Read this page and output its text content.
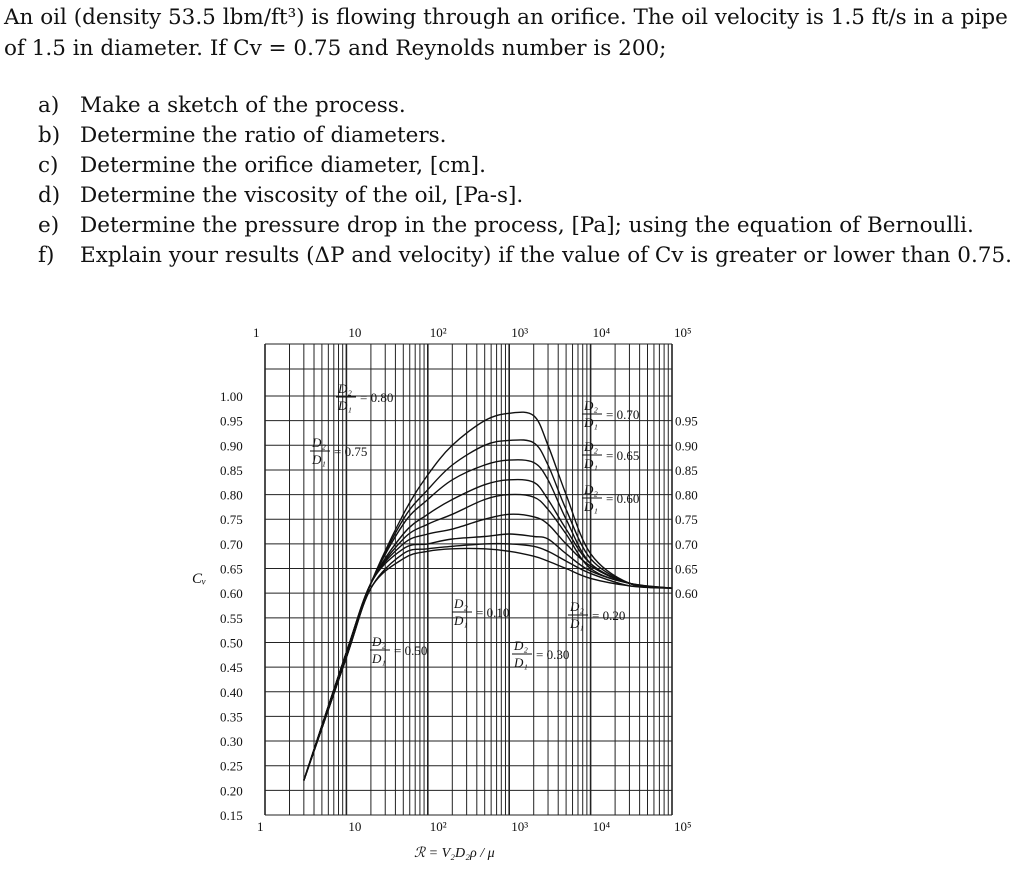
An oil (density 53.5 lbm/ft³) is flowing through an orifice. The oil velocity is 1.5 ft/s in a pipe

of 1.5 in diameter. If Cv = 0.75 and Reynolds number is 200;

a) Make a sketch of the process.
b) Determine the ratio of diameters.
c)	Determine the orifice diameter, [cm].
d) Determine the viscosity of the oil, [Pa-s].
e) Determine the pressure drop in the process, [Pa]; using the equation of Bernoulli.
f)	Explain your results (ΔP and velocity) if the value of Cv is greater or lower than 0.75.
1.00
0.95
0.90
0.85
0.80
0.75
0.70
0.65
0.60
0.55
0.50
0.45
0.40
0.35
0.30
0.25
0.20
0.15
0.95
0.90
0.85
0.80
0.75
0.70
0.65
0.60
1
1
10
10
10²
10²
10³
10³
10⁴
10⁴
10⁵
10⁵
Cᵥ
ℛ = V₂D₂ρ / μ
D₂
D₁
= 0.80
D₂
D₁
= 0.75
D₂
D₁
= 0.70
D₂
D₁
= 0.65
D₂
D₁
= 0.60
D₂
D₁
= 0.50
D₂
D₁
= 0.10
D₂
D₁
= 0.30
D₂
D₁
= 0.20
